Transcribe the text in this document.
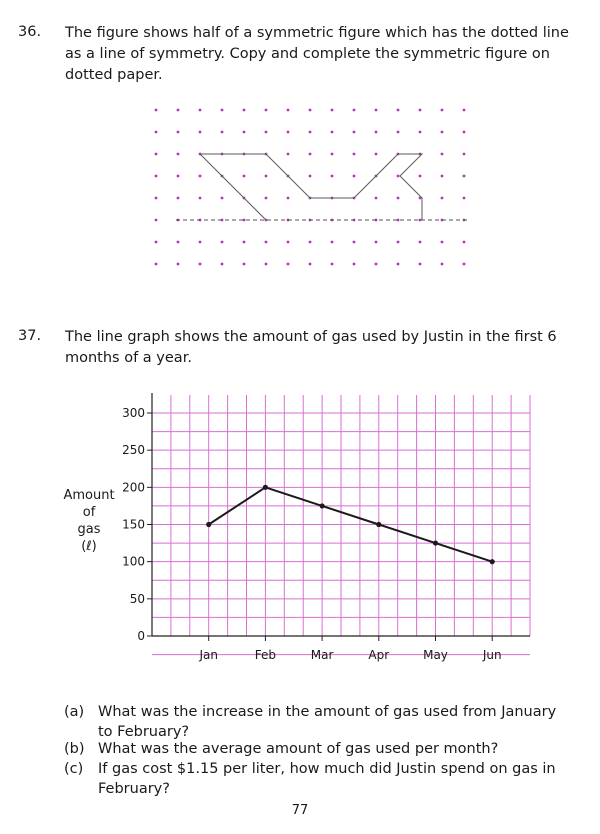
36. The figure shows half of a symmetric figure which has the dotted line
as a line of symmetry. Copy and complete the symmetric figure on
dotted paper.
37. The line graph shows the amount of gas used by Justin in the first 6
months of a year.
Amount
of
gas
(ℓ)
0
50
100
150
200
250
300
Jan	Feb	Mar	Apr	May	Jun
(a) What was the increase in the amount of gas used from January
to February?
(b) What was the average amount of gas used per month?
(c)	If gas cost $1.15 per liter, how much did Justin spend on gas in
February?
77
